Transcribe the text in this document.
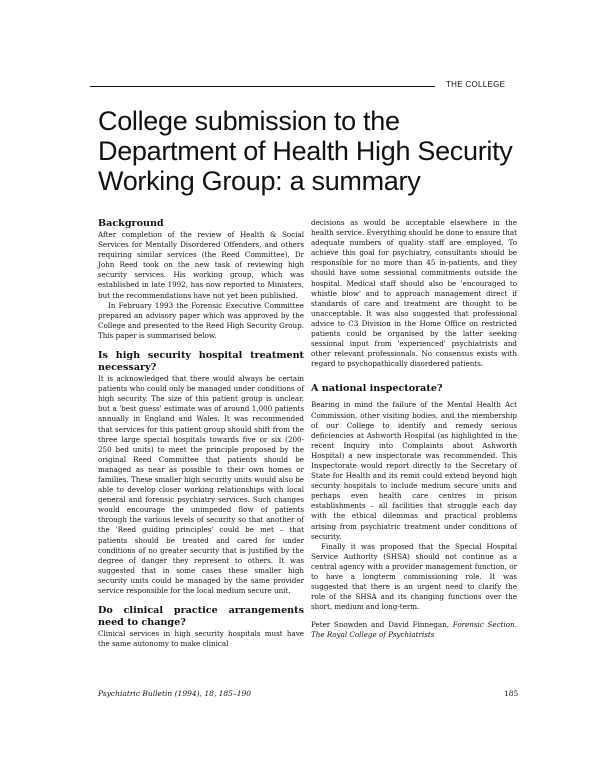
THE COLLEGE
College submission to the Department of Health High Security Working Group: a summary
Background

After completion of the review of Health & Social Services for Mentally Disordered Offenders, and others requiring similar services (the Reed Committee), Dr John Reed took on the new task of reviewing high security services. His working group, which was established in late 1992, has now reported to Ministers, but the recommendations have not yet been published.

In February 1993 the Forensic Executive Committee prepared an advisory paper which was approved by the College and presented to the Reed High Security Group. This paper is summarised below.

Is high security hospital treatment necessary?

It is acknowledged that there would always be certain patients who could only be managed under conditions of high security. The size of this patient group is unclear, but a 'best guess' estimate was of around 1,000 patients annually in England and Wales. It was recommended that services for this patient group should shift from the three large special hospitals towards five or six (200-250 bed units) to meet the principle proposed by the original Reed Committee that patients should be managed as near as possible to their own homes or families. These smaller high security units would also be able to develop closer working relationships with local general and forensic psychiatry services. Such changes would encourage the unimpeded flow of patients through the various levels of security so that another of the 'Reed guiding principles' could be met – that patients should be treated and cared for under conditions of no greater security that is justified by the degree of danger they represent to others. It was suggested that in some cases these smaller high security units could be managed by the same provider service responsible for the local medium secure unit.

Do clinical practice arrangements need to change?

Clinical services in high security hospitals must have the same autonomy to make clinical

decisions as would be acceptable elsewhere in the health service. Everything should be done to ensure that adequate numbers of quality staff are employed. To achieve this goal for psychiatry, consultants should be responsible for no more than 45 in-patients, and they should have some sessional commitments outside the hospital. Medical staff should also be 'encouraged to whistle blow' and to approach management direct if standards of care and treatment are thought to be unacceptable. It was also suggested that professional advice to C3 Division in the Home Office on restricted patients could be organised by the latter seeking sessional input from 'experienced' psychiatrists and other relevant professionals. No consensus exists with regard to psychopathically disordered patients.

A national inspectorate?

Bearing in mind the failure of the Mental Health Act Commission, other visiting bodies, and the membership of our College to identify and remedy serious deficiencies at Ashworth Hospital (as highlighted in the recent Inquiry into Complaints about Ashworth Hospital) a new inspectorate was recommended. This Inspectorate would report directly to the Secretary of State for Health and its remit could extend beyond high security hospitals to include medium secure units and perhaps even health care centres in prison establishments – all facilities that struggle each day with the ethical dilemmas and practical problems arising from psychiatric treatment under conditions of security.

Finally it was proposed that the Special Hospital Service Authority (SHSA) should not continue as a central agency with a provider management function, or to have a longterm commissioning role. It was suggested that there is an urgent need to clarify the role of the SHSA and its changing functions over the short, medium and long-term.

Peter Snowden and David Finnegan, Forensic Section. The Royal College of Psychiatrists

Psychiatric Bulletin (1994), 18, 185–190	185
